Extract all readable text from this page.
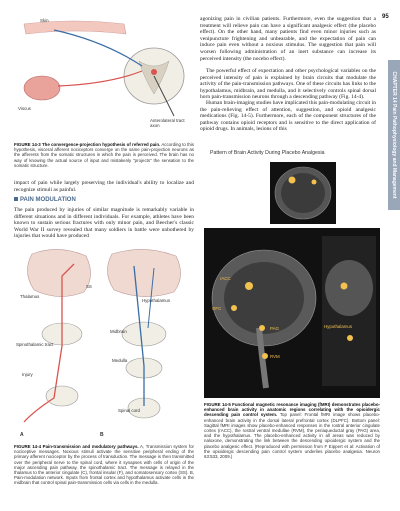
95
CHAPTER 14 Pain Pathophysiology and Management
Skin
Viscus
Anterolateral tract axon
FIGURE 14-3 The convergence-projection hypothesis of referred pain. According to this hypothesis, visceral afferent nociceptors converge on the same pain-projection neurons as the afferents from the somatic structures in which the pain is perceived. The brain has no way of knowing the actual source of input and mistakenly "projects" the sensation to the somatic structure.
impact of pain while largely preserving the individual's ability to localize and recognize stimuli as painful.
PAIN MODULATION
The pain produced by injuries of similar magnitude is remarkably variable in different situations and in different individuals. For example, athletes have been known to sustain serious fractures with only minor pain, and Beecher's classic World War II survey revealed that many soldiers in battle were unbothered by injuries that would have produced
SS
Thalamus
Hypothalamus
Midbrain
Spinothalamic tract
Medulla
Injury
Spinal cord
A	B
FIGURE 14-4 Pain-transmission and modulatory pathways. A, Transmission system for nociceptive messages. Noxious stimuli activate the sensitive peripheral ending of the primary afferent nociceptor by the process of transduction. The message is then transmitted over the peripheral nerve to the spinal cord, where it synapses with cells of origin of the major ascending pain pathway, the spinothalamic tract. The message is relayed in the thalamus to the anterior cingulate (C), frontal insular (F), and somatosensory cortex (SS). B, Pain-modulation network. Inputs from frontal cortex and hypothalamus activate cells in the midbrain that control spinal pain-transmission cells via cells in the medulla.
agonizing pain in civilian patients. Furthermore, even the suggestion that a treatment will relieve pain can have a significant analgesic effect (the placebo effect). On the other hand, many patients find even minor injuries such as venipuncture frightening and unbearable, and the expectation of pain can induce pain even without a noxious stimulus. The suggestion that pain will worsen following administration of an inert substance can increase its perceived intensity (the nocebo effect).
The powerful effect of expectation and other psychological variables on the perceived intensity of pain is explained by brain circuits that modulate the activity of the pain-transmission pathways. One of these circuits has links to the hypothalamus, midbrain, and medulla, and it selectively controls spinal dorsal horn pain-transmission neurons through a descending pathway (Fig. 14-4).
Human brain-imaging studies have implicated this pain-modulating circuit in the pain-relieving effect of attention, suggestion, and opioid analgesic medications (Fig. 14-5). Furthermore, each of the component structures of the pathway contains opioid receptors and is sensitive to the direct application of opioid drugs. In animals, lesions of this
Pattern of Brain Activity During Placebo Analgesia
rACC
OFC
PAG
RVM
Hypothalamus
FIGURE 14-5 Functional magnetic resonance imaging (fMRI) demonstrates placebo-enhanced brain activity in anatomic regions correlating with the opioidergic descending pain control system. Top panel: Frontal fMRI image shows placebo-enhanced brain activity in the dorsal lateral prefrontal cortex (DLPFC). Bottom panel: Sagittal fMRI images show placebo-enhanced responses in the rostral anterior cingulate cortex (rACC), the rostral ventral medullae (RVM), the periaqueductal gray (PAG) area, and the hypothalamus. The placebo-enhanced activity in all areas was reduced by naloxone, demonstrating the link between the descending opioidergic system and the placebo analgesic effect. (Reproduced with permission from F Eippert et al: Activation of the opioidergic descending pain control system underlies placebo analgesia. Neuron 63:533, 2009.)
